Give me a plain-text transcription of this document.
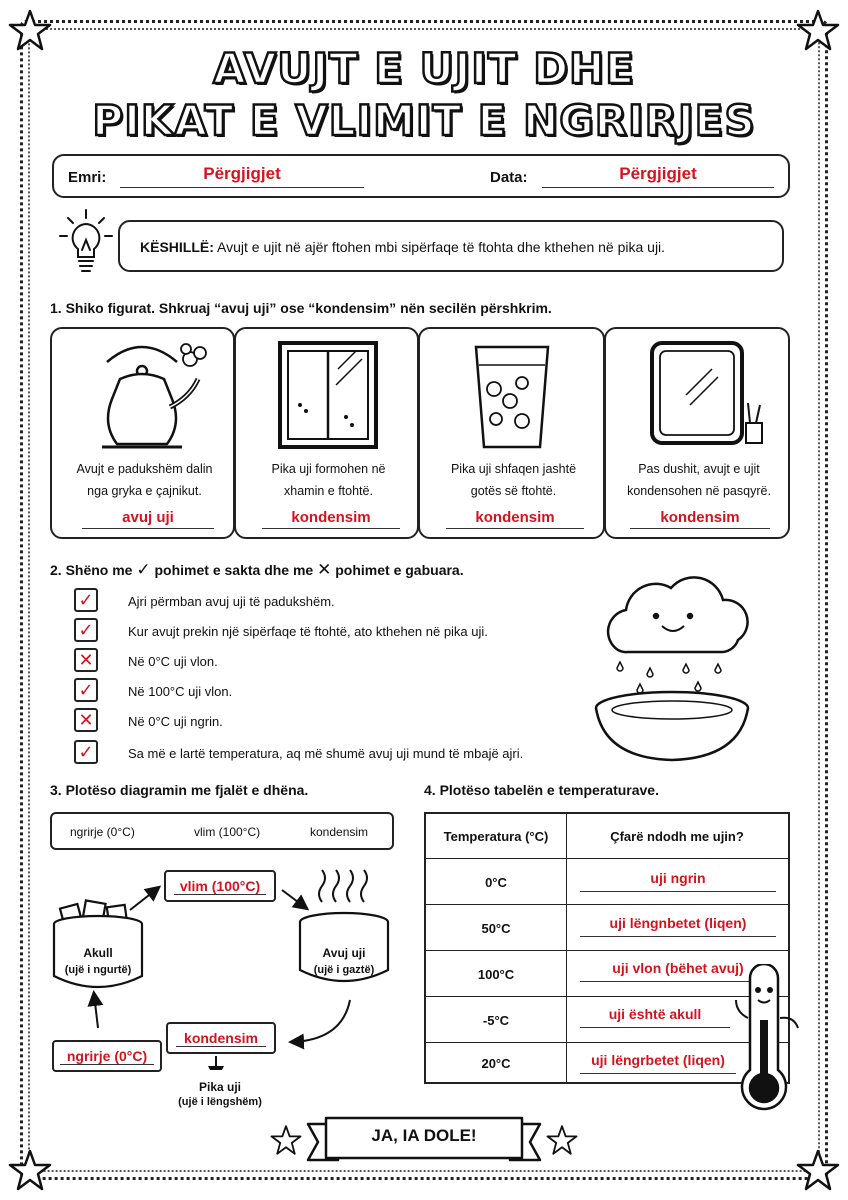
AVUJT E UJIT DHE
PIKAT E VLIMIT E NGRIRJES
Emri:	Përgjigjet	Data:	Përgjigjet
KËSHILLË: Avujt e ujit në ajër ftohen mbi sipërfaqe të ftohta dhe kthehen në pika uji.
1. Shiko figurat. Shkruaj “avuj uji” ose “kondensim” nën secilën përshkrim.
Avujt e padukshëm dalin
nga gryka e çajnikut.
avuj uji
Pika uji formohen në
xhamin e ftohtë.
kondensim
Pika uji shfaqen jashtë
gotës së ftohtë.
kondensim
Pas dushit, avujt e ujit
kondensohen në pasqyrë.
kondensim
2. Shëno me ✓ pohimet e sakta dhe me ✕ pohimet e gabuara.
✓	Ajri përmban avuj uji të padukshëm.
✓	Kur avujt prekin një sipërfaqe të ftohtë, ato kthehen në pika uji.
✕	Në 0°C uji vlon.
✓	Në 100°C uji vlon.
✕	Në 0°C uji ngrin.
✓	Sa më e lartë temperatura, aq më shumë avuj uji mund të mbajë ajri.
3. Plotëso diagramin me fjalët e dhëna.
ngrirje (0°C)	vlim (100°C)	kondensim
vlim (100°C)
Akull
(ujë i ngurtë)
Avuj uji
(ujë i gaztë)
kondensim
ngrirje (0°C)
Pika uji
(ujë i lëngshëm)
4. Plotëso tabelën e temperaturave.
Temperatura (°C)	Çfarë ndodh me ujin?
0°C	uji ngrin
50°C	uji lëngnbetet (liqen)
100°C	uji vlon (bëhet avuj)
-5°C	uji është akull
20°C	uji lëngrbetet (liqen)
JA, IA DOLE!
